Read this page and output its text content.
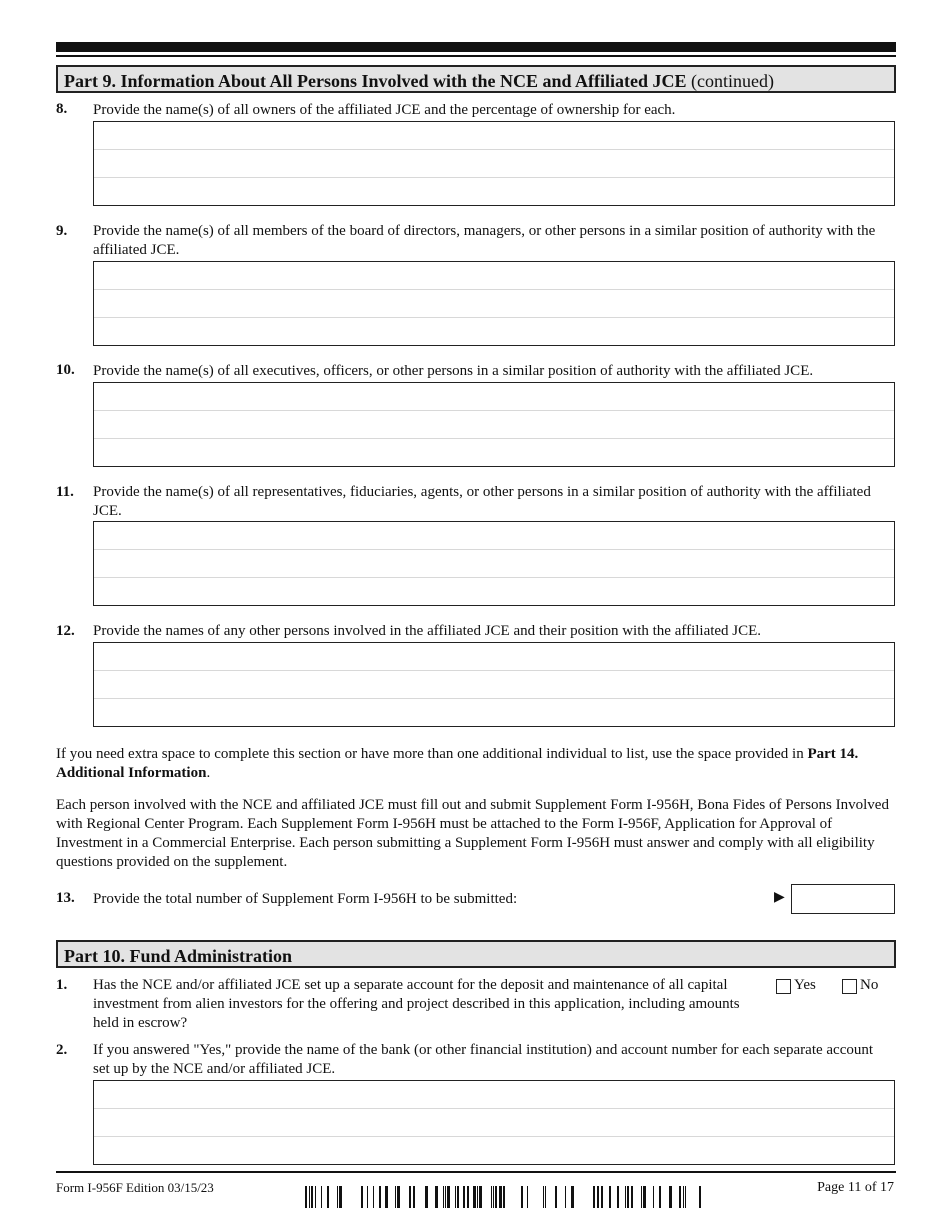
Part 9. Information About All Persons Involved with the NCE and Affiliated JCE (continued)
8. Provide the name(s) of all owners of the affiliated JCE and the percentage of ownership for each.
9. Provide the name(s) of all members of the board of directors, managers, or other persons in a similar position of authority with the affiliated JCE.
10. Provide the name(s) of all executives, officers, or other persons in a similar position of authority with the affiliated JCE.
11. Provide the name(s) of all representatives, fiduciaries, agents, or other persons in a similar position of authority with the affiliated JCE.
12. Provide the names of any other persons involved in the affiliated JCE and their position with the affiliated JCE.
If you need extra space to complete this section or have more than one additional individual to list, use the space provided in Part 14. Additional Information.
Each person involved with the NCE and affiliated JCE must fill out and submit Supplement Form I-956H, Bona Fides of Persons Involved with Regional Center Program. Each Supplement Form I-956H must be attached to the Form I-956F, Application for Approval of Investment in a Commercial Enterprise. Each person submitting a Supplement Form I-956H must answer and comply with all eligibility questions provided on the supplement.
13. Provide the total number of Supplement Form I-956H to be submitted:	▶
Part 10. Fund Administration
1. Has the NCE and/or affiliated JCE set up a separate account for the deposit and maintenance of all capital investment from alien investors for the offering and project described in this application, including amounts held in escrow?
Yes	No
2. If you answered "Yes," provide the name of the bank (or other financial institution) and account number for each separate account set up by the NCE and/or affiliated JCE.
Form I-956F Edition 03/15/23	Page 11 of 17
